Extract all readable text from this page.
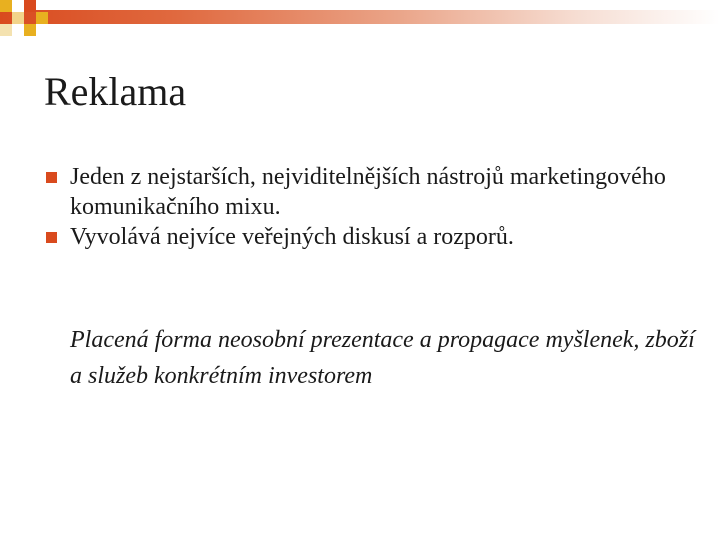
Reklama
Jeden z nejstarších, nejviditelnějších nástrojů marketingového komunikačního mixu.
Vyvolává nejvíce veřejných diskusí a rozporů.

Placená forma neosobní prezentace a propagace myšlenek, zboží a služeb konkrétním investorem
